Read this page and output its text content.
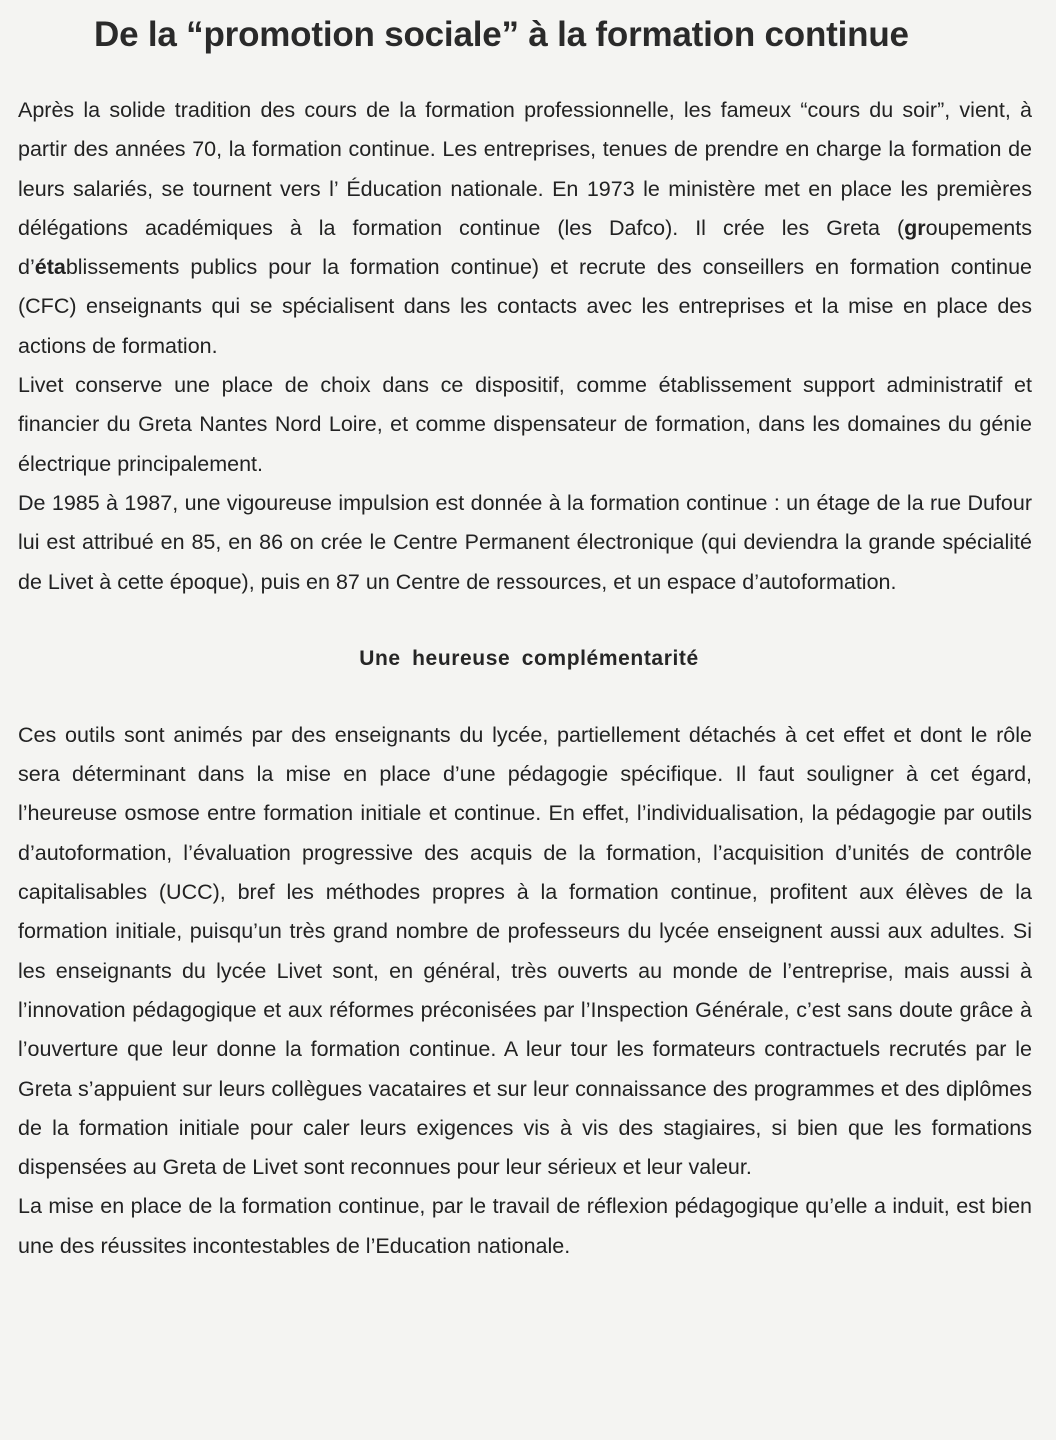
De la “promotion sociale” à la formation continue

Après la solide tradition des cours de la formation professionnelle, les fameux “cours du soir”, vient, à partir des années 70, la formation continue. Les entreprises, tenues de prendre en charge la formation de leurs salariés, se tournent vers l’ Éducation nationale. En 1973 le ministère met en place les premières délégations académiques à la formation continue (les Dafco). Il crée les Greta (groupements d’établissements publics pour la formation continue) et recrute des conseillers en formation continue (CFC) enseignants qui se spécialisent dans les contacts avec les entreprises et la mise en place des actions de formation.

Livet conserve une place de choix dans ce dispositif, comme établissement support administratif et financier du Greta Nantes Nord Loire, et comme dispensateur de formation, dans les domaines du génie électrique principalement.

De 1985 à 1987, une vigoureuse impulsion est donnée à la formation continue : un étage de la rue Dufour lui est attribué en 85, en 86 on crée le Centre Permanent électronique (qui deviendra la grande spécialité de Livet à cette époque), puis en 87 un Centre de ressources, et un espace d’autoformation.

Une heureuse complémentarité

Ces outils sont animés par des enseignants du lycée, partiellement détachés à cet effet et dont le rôle sera déterminant dans la mise en place d’une pédagogie spécifique. Il faut souligner à cet égard, l’heureuse osmose entre formation initiale et continue. En effet, l’individualisation, la pédagogie par outils d’autoformation, l’évaluation progressive des acquis de la formation, l’acquisition d’unités de contrôle capitalisables (UCC), bref les méthodes propres à la formation continue, profitent aux élèves de la formation initiale, puisqu’un très grand nombre de professeurs du lycée enseignent aussi aux adultes. Si les enseignants du lycée Livet sont, en général, très ouverts au monde de l’entreprise, mais aussi à l’innovation pédagogique et aux réformes préconisées par l’Inspection Générale, c’est sans doute grâce à l’ouverture que leur donne la formation continue. A leur tour les formateurs contractuels recrutés par le Greta s’appuient sur leurs collègues vacataires et sur leur connaissance des programmes et des diplômes de la formation initiale pour caler leurs exigences vis à vis des stagiaires, si bien que les formations dispensées au Greta de Livet sont reconnues pour leur sérieux et leur valeur.

La mise en place de la formation continue, par le travail de réflexion pédagogique qu’elle a induit, est bien une des réussites incontestables de l’Education nationale.
